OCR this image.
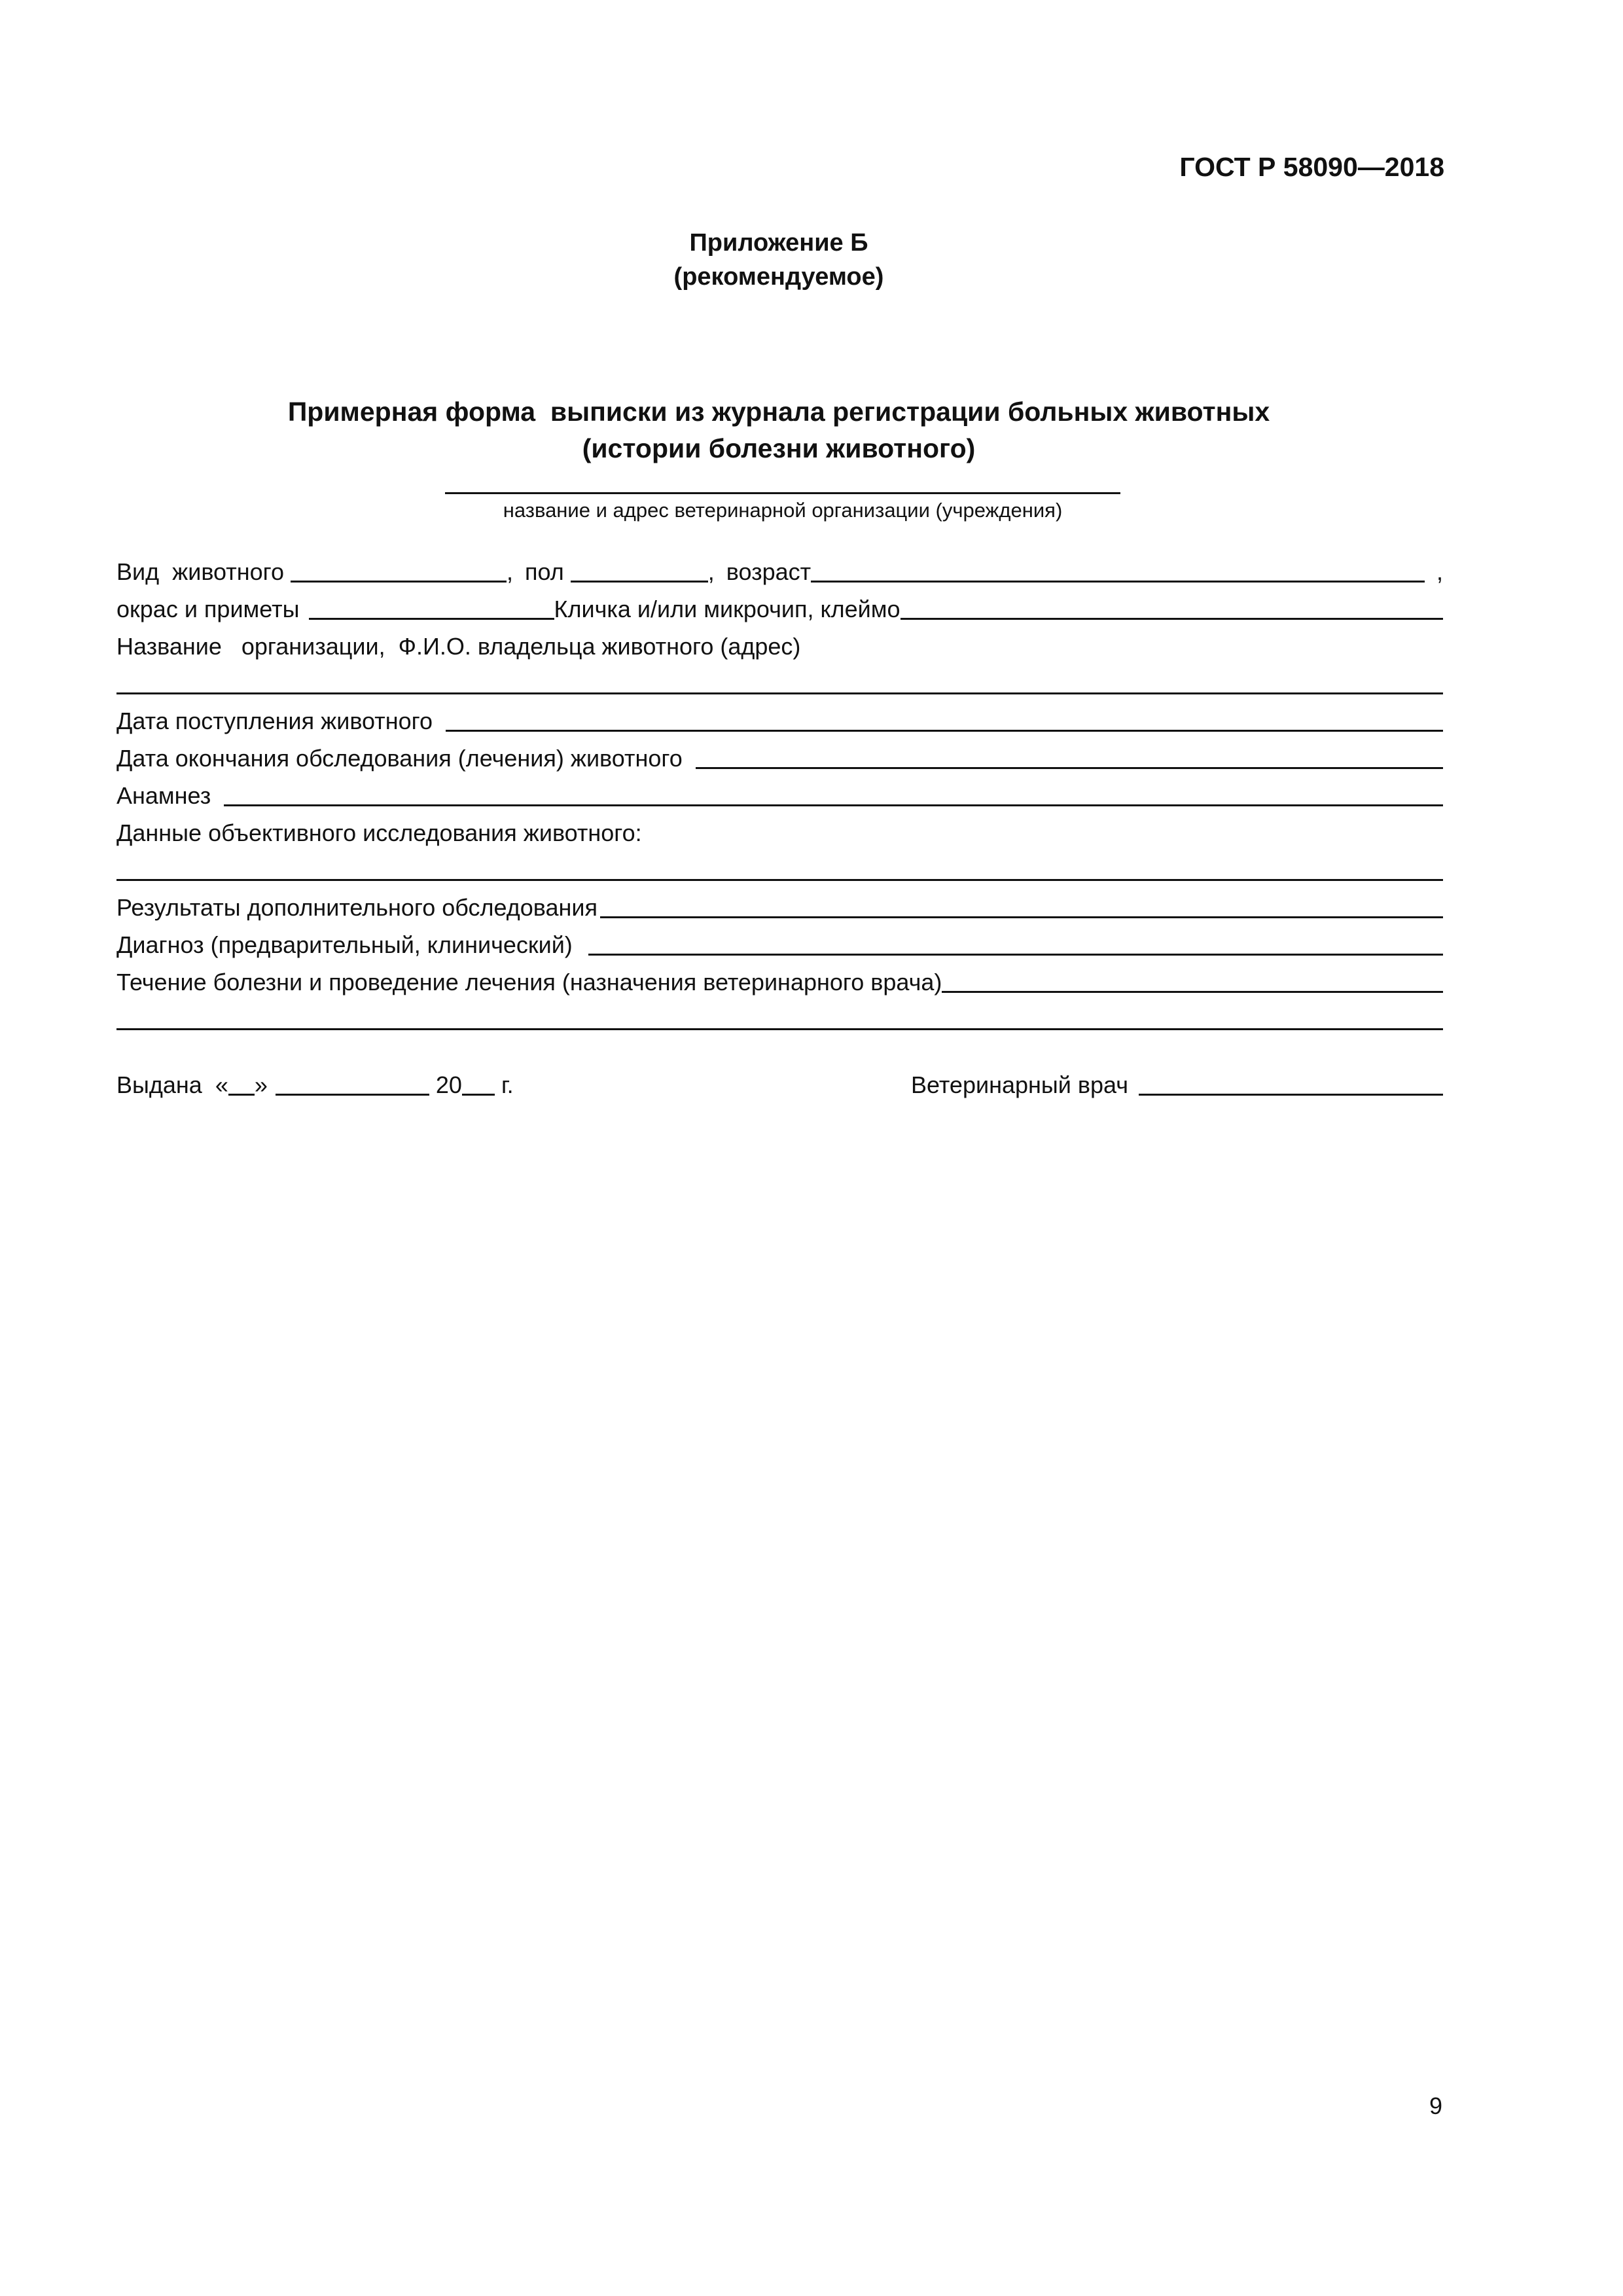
ГОСТ Р 58090—2018
Приложение Б
(рекомендуемое)
Примерная форма  выписки из журнала регистрации больных животных
(истории болезни животного)
название и адрес ветеринарной организации (учреждения)
Вид  животного	, пол	, возраст	,
окрас и приметы	Кличка и/или микрочип, клеймо
Название   организации,  Ф.И.О. владельца животного (адрес)
Дата поступления животного
Дата окончания обследования (лечения) животного
Анамнез
Данные объективного исследования животного:
Результаты дополнительного обследования
Диагноз (предварительный, клинический)
Течение болезни и проведение лечения (назначения ветеринарного врача)
Выдана « »	20 г.	Ветеринарный врач
9
